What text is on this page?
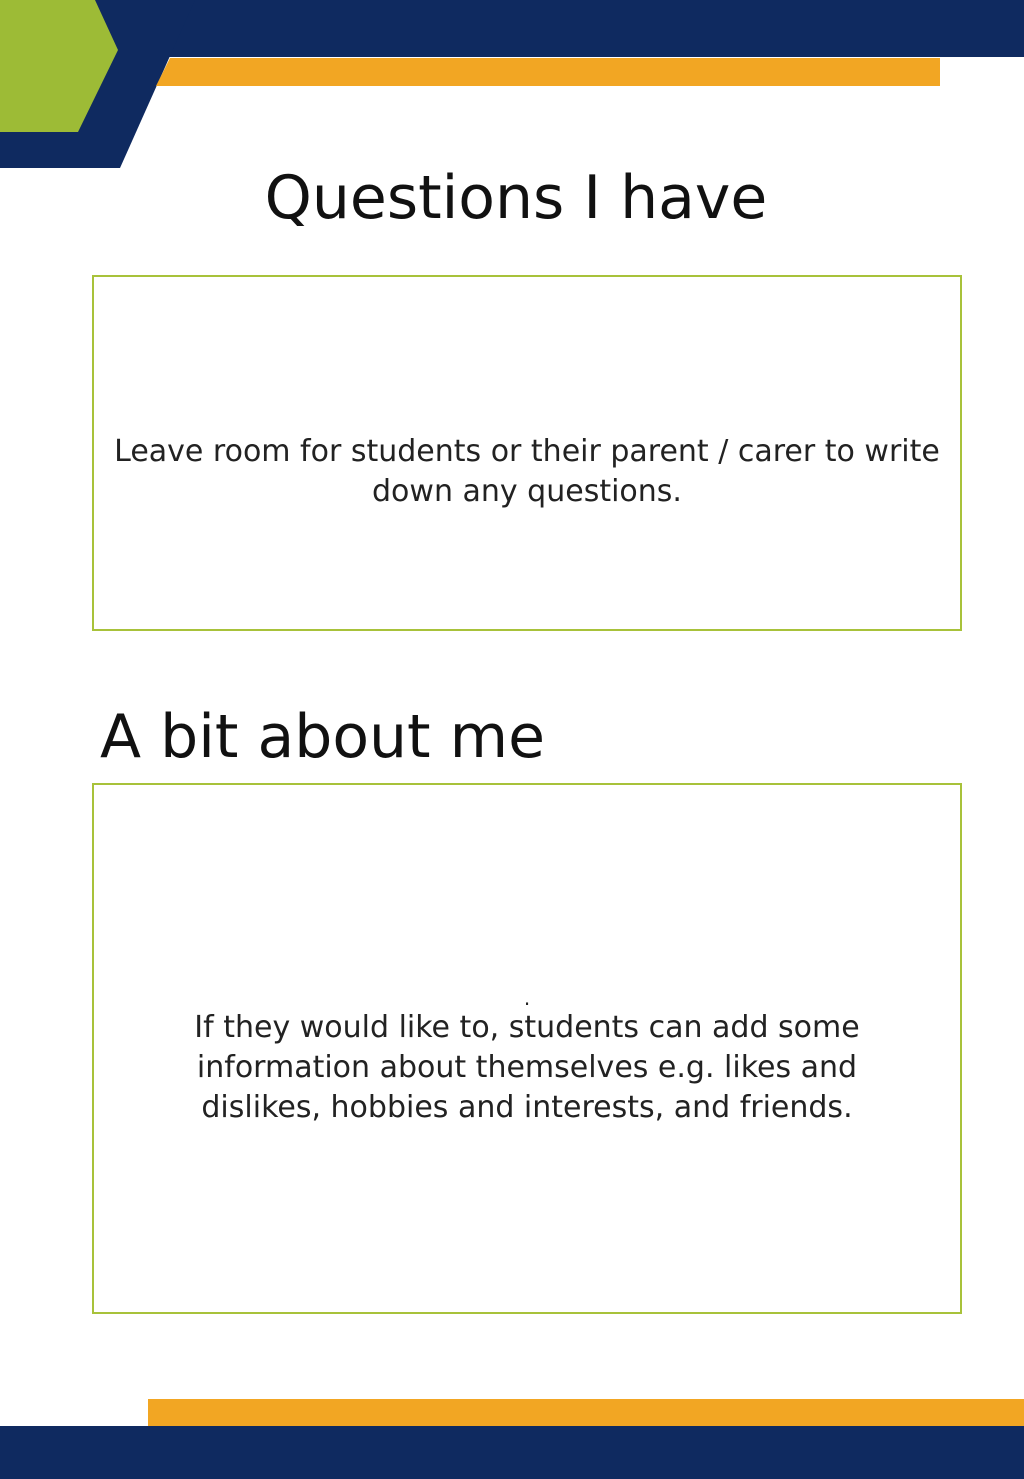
Questions I have

Leave room for students or their parent / carer to write down any questions.

A bit about me

.
If they would like to, students can add some information about themselves e.g. likes and dislikes, hobbies and interests, and friends.
